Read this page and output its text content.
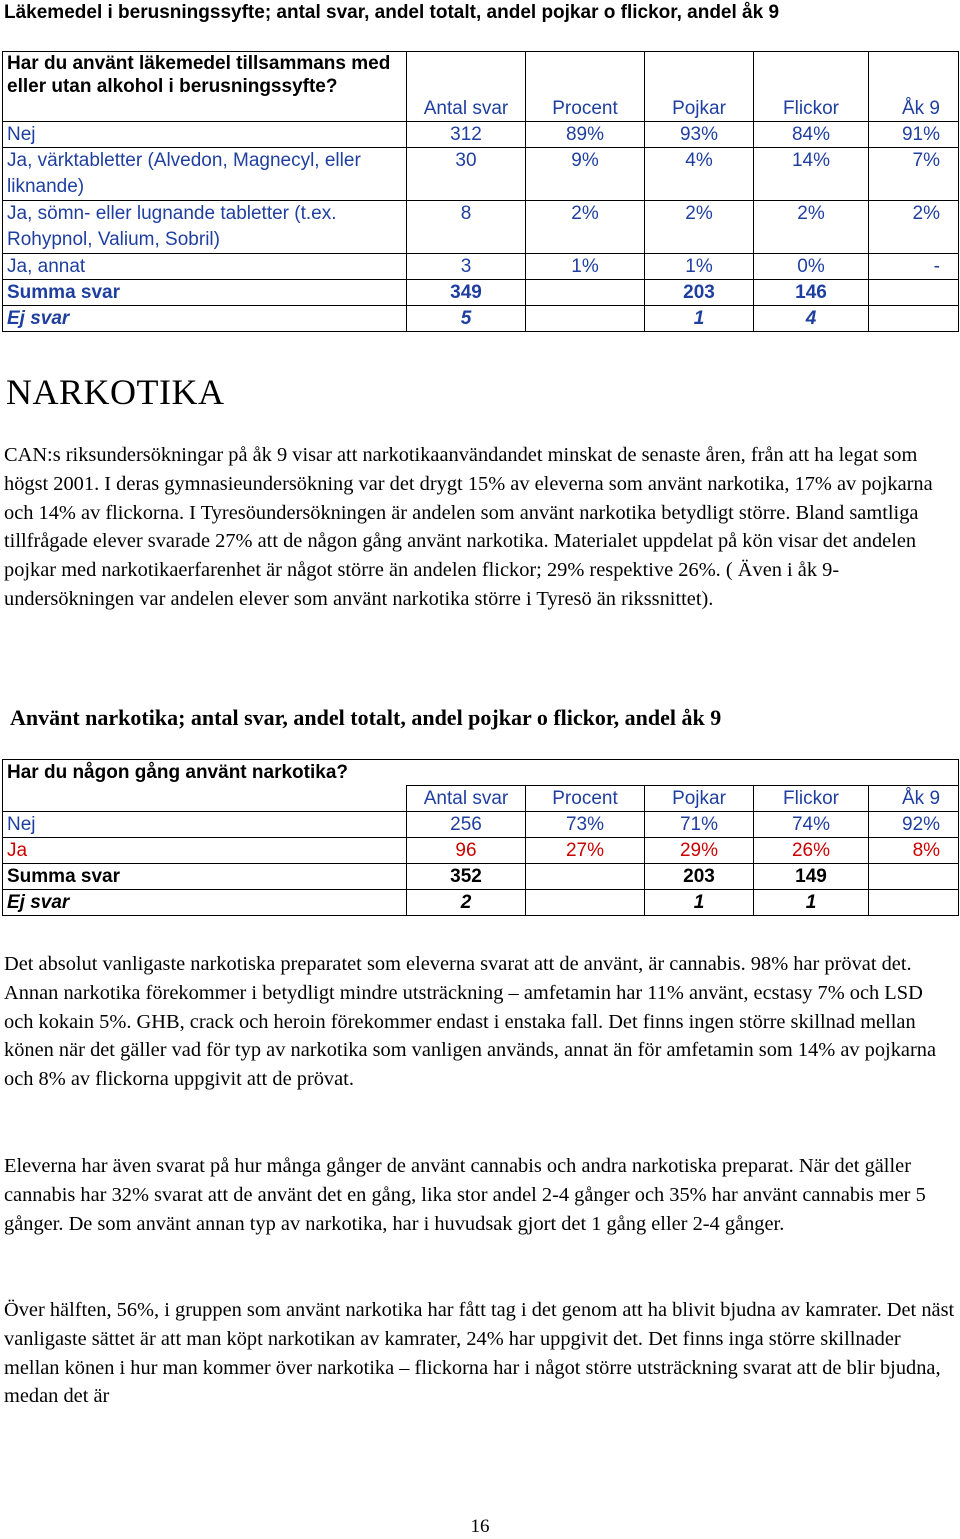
Läkemedel i berusningssyfte; antal svar, andel totalt, andel pojkar o flickor, andel åk 9
Har du använt läkemedel tillsammans med eller utan alkohol i berusningssyfte?					
	Antal svar	Procent	Pojkar	Flickor	Åk 9
Nej	312	89%	93%	84%	91%
Ja, värktabletter (Alvedon, Magnecyl, eller liknande)	30	9%	4%	14%	7%
Ja, sömn- eller lugnande tabletter (t.ex. Rohypnol, Valium, Sobril)	8	2%	2%	2%	2%
Ja, annat	3	1%	1%	0%	-
Summa svar	349		203	146	
Ej svar	5		1	4	
NARKOTIKA
CAN:s riksundersökningar på åk 9 visar att narkotikaanvändandet minskat de senaste åren, från att ha legat som högst 2001. I deras gymnasieundersökning var det drygt 15% av eleverna som använt narkotika, 17% av pojkarna och 14% av flickorna. I Tyresöundersökningen är andelen som använt narkotika betydligt större. Bland samtliga tillfrågade elever svarade 27% att de någon gång använt narkotika. Materialet uppdelat på kön visar det andelen pojkar med narkotikaerfarenhet är något större än andelen flickor; 29% respektive 26%. ( Även i åk 9-undersökningen var andelen elever som använt narkotika större i Tyresö än rikssnittet).
Använt narkotika; antal svar, andel totalt, andel pojkar o flickor, andel åk 9
Har du någon gång använt narkotika?					
	Antal svar	Procent	Pojkar	Flickor	Åk 9
Nej	256	73%	71%	74%	92%
Ja	96	27%	29%	26%	8%
Summa svar	352		203	149	
Ej svar	2		1	1	
Det absolut vanligaste narkotiska preparatet som eleverna svarat att de använt, är cannabis. 98% har prövat det. Annan narkotika förekommer i betydligt mindre utsträckning – amfetamin har 11% använt, ecstasy 7% och LSD och kokain 5%. GHB, crack och heroin förekommer endast i enstaka fall. Det finns ingen större skillnad mellan könen när det gäller vad för typ av narkotika som vanligen används, annat än för amfetamin som 14% av pojkarna och 8% av flickorna uppgivit att de prövat.
Eleverna har även svarat på hur många gånger de använt cannabis och andra narkotiska preparat. När det gäller cannabis har 32% svarat att de använt det en gång, lika stor andel 2-4 gånger och 35% har använt cannabis mer 5 gånger. De som använt annan typ av narkotika, har i huvudsak gjort det 1 gång eller 2-4 gånger.
Över hälften, 56%, i gruppen som använt narkotika har fått tag i det genom att ha blivit bjudna av kamrater. Det näst vanligaste sättet är att man köpt narkotikan av kamrater, 24% har uppgivit det. Det finns inga större skillnader mellan könen i hur man kommer över narkotika – flickorna har i något större utsträckning svarat att de blir bjudna, medan det är
16
